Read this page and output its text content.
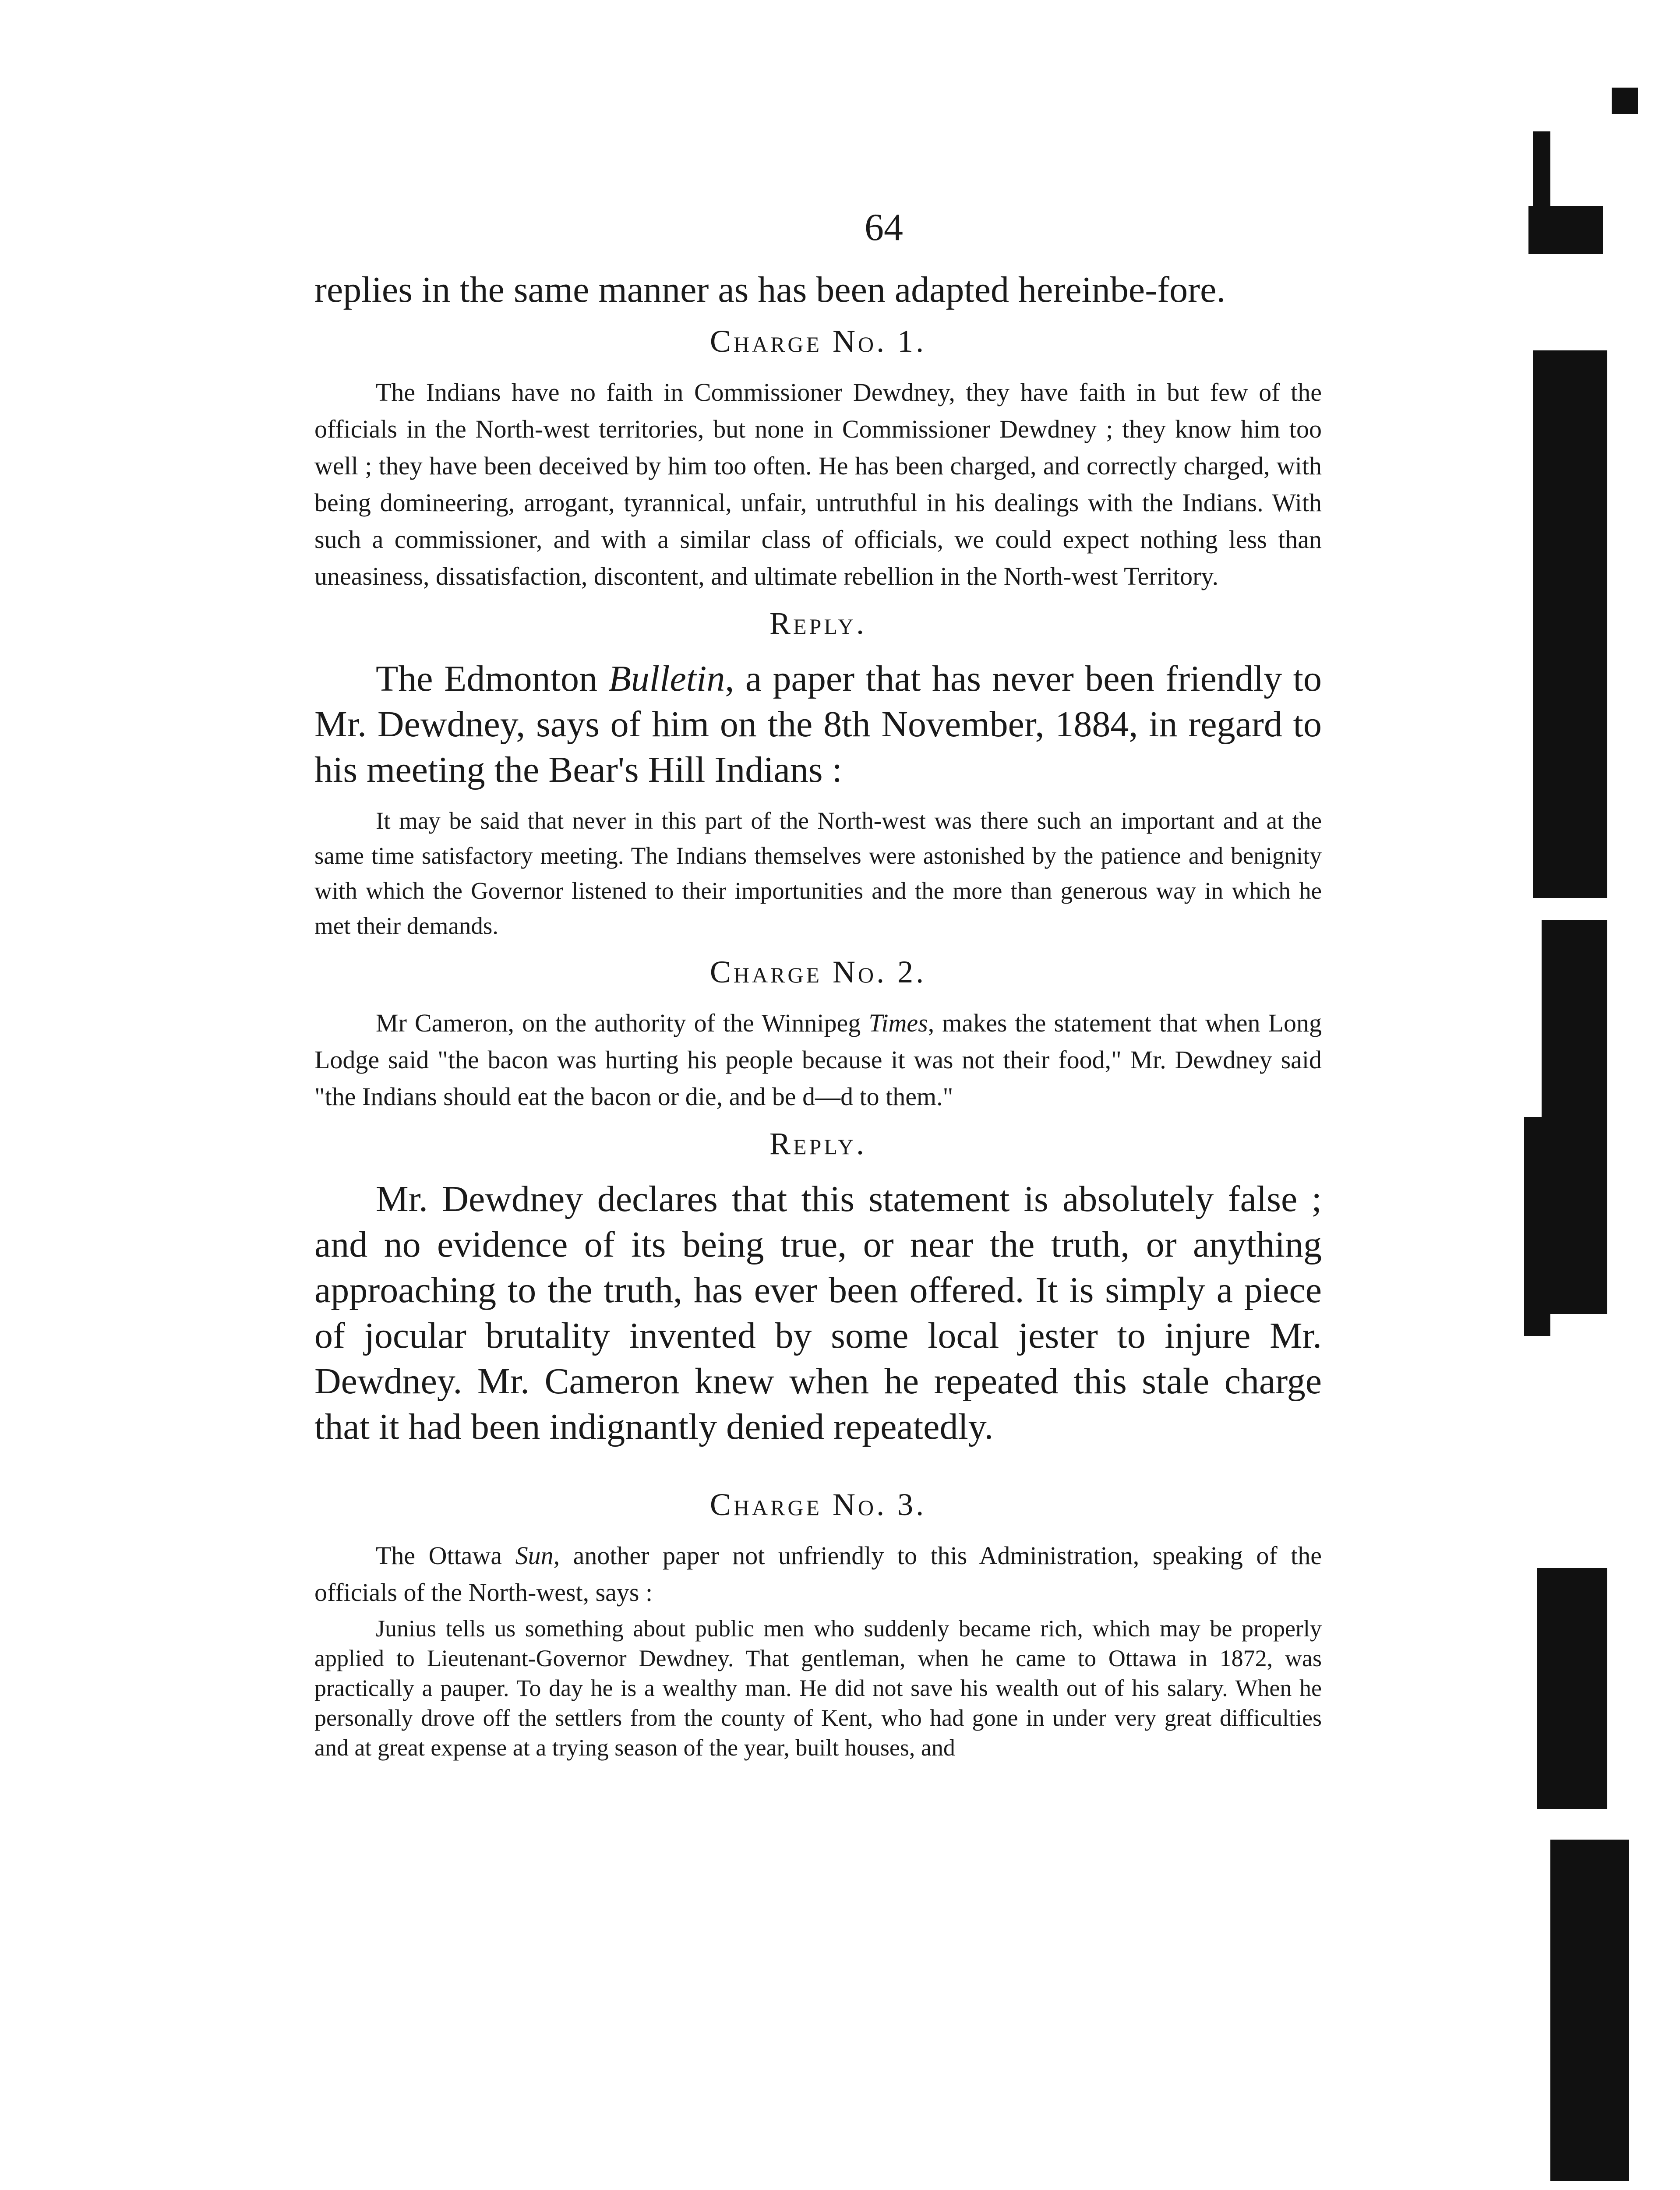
64

replies in the same manner as has been adapted hereinbe-fore.

Charge No. 1.

The Indians have no faith in Commissioner Dewdney, they have faith in but few of the officials in the North-west territories, but none in Commissioner Dewdney ; they know him too well ; they have been deceived by him too often. He has been charged, and correctly charged, with being domineering, arrogant, tyrannical, unfair, untruthful in his dealings with the Indians. With such a commissioner, and with a similar class of officials, we could expect nothing less than uneasiness, dissatisfaction, discontent, and ultimate rebellion in the North-west Territory.

Reply.

The Edmonton Bulletin, a paper that has never been friendly to Mr. Dewdney, says of him on the 8th November, 1884, in regard to his meeting the Bear's Hill Indians :

It may be said that never in this part of the North-west was there such an important and at the same time satisfactory meeting. The Indians themselves were astonished by the patience and benignity with which the Governor listened to their importunities and the more than generous way in which he met their demands.

Charge No. 2.

Mr Cameron, on the authority of the Winnipeg Times, makes the statement that when Long Lodge said "the bacon was hurting his people because it was not their food," Mr. Dewdney said "the Indians should eat the bacon or die, and be d—d to them."

Reply.

Mr. Dewdney declares that this statement is absolutely false ; and no evidence of its being true, or near the truth, or anything approaching to the truth, has ever been offered. It is simply a piece of jocular brutality invented by some local jester to injure Mr. Dewdney. Mr. Cameron knew when he repeated this stale charge that it had been indignantly denied repeatedly.

Charge No. 3.

The Ottawa Sun, another paper not unfriendly to this Administration, speaking of the officials of the North-west, says :

Junius tells us something about public men who suddenly became rich, which may be properly applied to Lieutenant-Governor Dewdney. That gentleman, when he came to Ottawa in 1872, was practically a pauper. To day he is a wealthy man. He did not save his wealth out of his salary. When he personally drove off the settlers from the county of Kent, who had gone in under very great difficulties and at great expense at a trying season of the year, built houses, and
